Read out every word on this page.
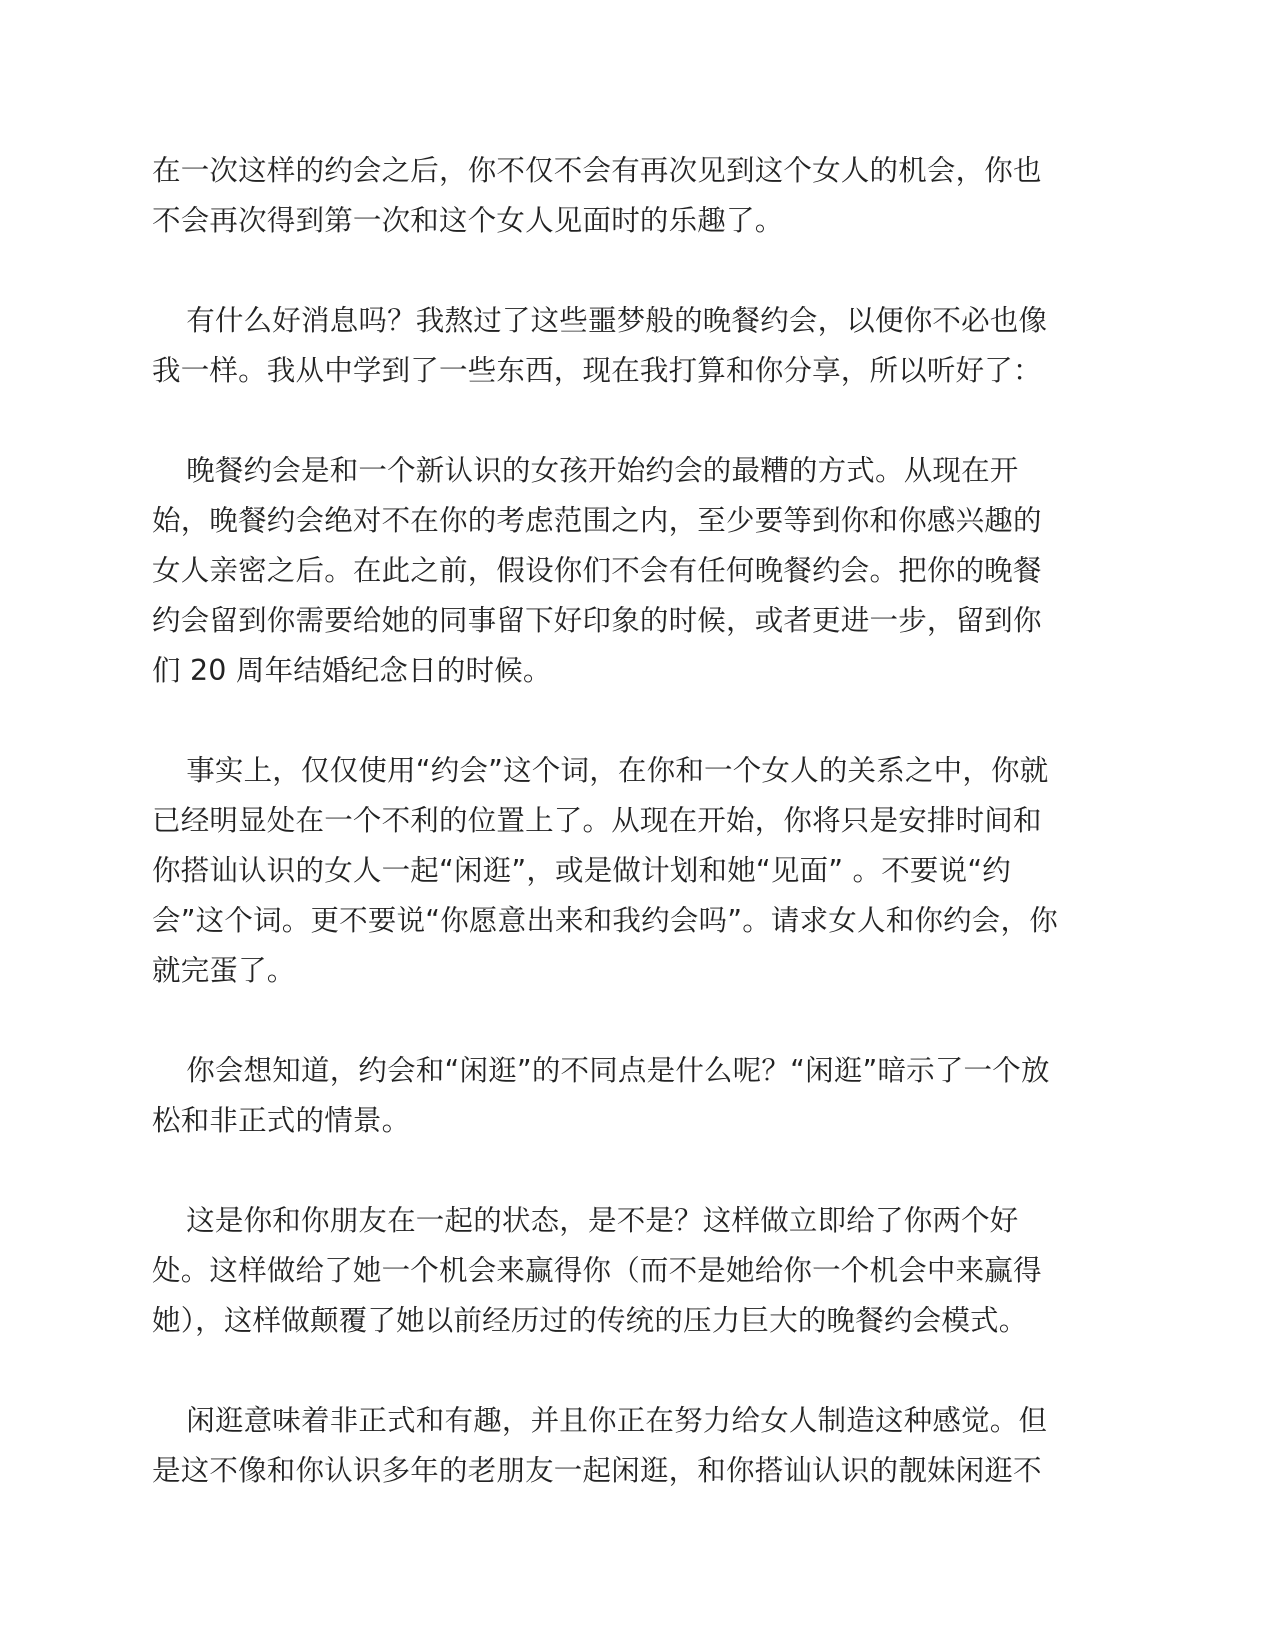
在一次这样的约会之后，你不仅不会有再次见到这个女人的机会，你也
不会再次得到第一次和这个女人见面时的乐趣了。

有什么好消息吗？我熬过了这些噩梦般的晚餐约会，以便你不必也像
我一样。我从中学到了一些东西，现在我打算和你分享，所以听好了：

晚餐约会是和一个新认识的女孩开始约会的最糟的方式。从现在开
始，晚餐约会绝对不在你的考虑范围之内，至少要等到你和你感兴趣的
女人亲密之后。在此之前，假设你们不会有任何晚餐约会。把你的晚餐
约会留到你需要给她的同事留下好印象的时候，或者更进一步，留到你
们 20 周年结婚纪念日的时候。

事实上，仅仅使用“约会”这个词，在你和一个女人的关系之中，你就
已经明显处在一个不利的位置上了。从现在开始，你将只是安排时间和
你搭讪认识的女人一起“闲逛”，或是做计划和她“见面” 。不要说“约
会”这个词。更不要说“你愿意出来和我约会吗”。请求女人和你约会，你
就完蛋了。

你会想知道，约会和“闲逛”的不同点是什么呢？“闲逛”暗示了一个放
松和非正式的情景。

这是你和你朋友在一起的状态，是不是？这样做立即给了你两个好
处。这样做给了她一个机会来赢得你（而不是她给你一个机会中来赢得
她），这样做颠覆了她以前经历过的传统的压力巨大的晚餐约会模式。

闲逛意味着非正式和有趣，并且你正在努力给女人制造这种感觉。但
是这不像和你认识多年的老朋友一起闲逛，和你搭讪认识的靓妹闲逛不
